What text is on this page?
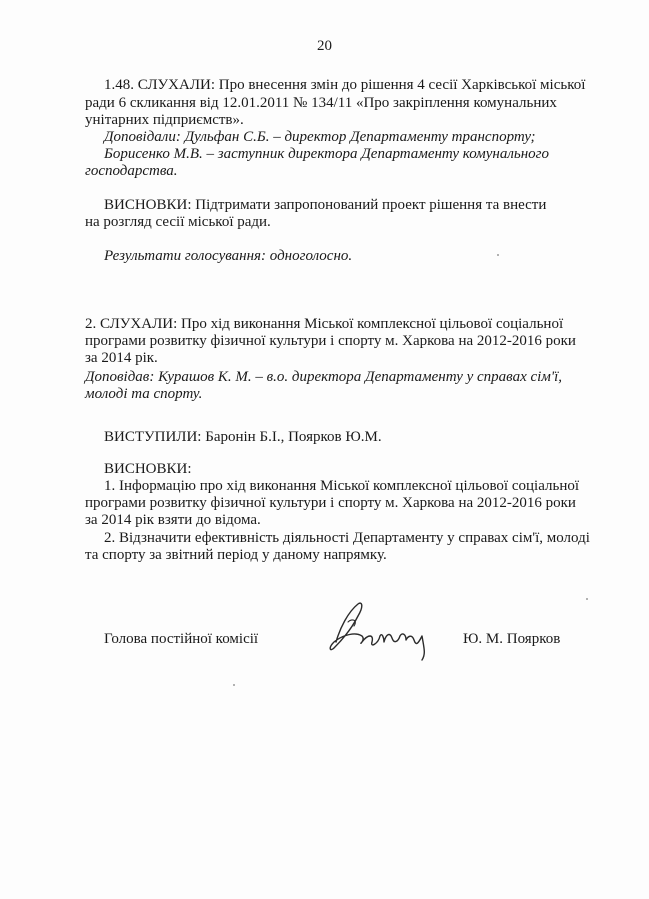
20
1.48. СЛУХАЛИ: Про внесення змін до рішення 4 сесії Харківської міської
ради 6 скликання від 12.01.2011 № 134/11 «Про закріплення комунальних
унітарних підприємств».
Доповідали: Дульфан С.Б. – директор Департаменту транспорту;
Борисенко М.В. – заступник директора Департаменту комунального
господарства.
ВИСНОВКИ: Підтримати запропонований проект рішення та внести
на розгляд сесії міської ради.
Результати голосування: одноголосно.
2. СЛУХАЛИ: Про хід виконання Міської комплексної цільової соціальної
програми розвитку фізичної культури і спорту м. Харкова на 2012-2016 роки
за 2014 рік.
Доповідав: Курашов К. М. – в.о. директора Департаменту у справах сім'ї,
молоді та спорту.
ВИСТУПИЛИ: Баронін Б.І., Поярков Ю.М.
ВИСНОВКИ:
1. Інформацію про хід виконання Міської комплексної цільової соціальної
програми розвитку фізичної культури і спорту м. Харкова на 2012-2016 роки
за 2014 рік взяти до відома.
2. Відзначити ефективність діяльності Департаменту у справах сім'ї, молоді
та спорту за звітний період у даному напрямку.
Голова постійної комісії	Ю. М. Поярков
